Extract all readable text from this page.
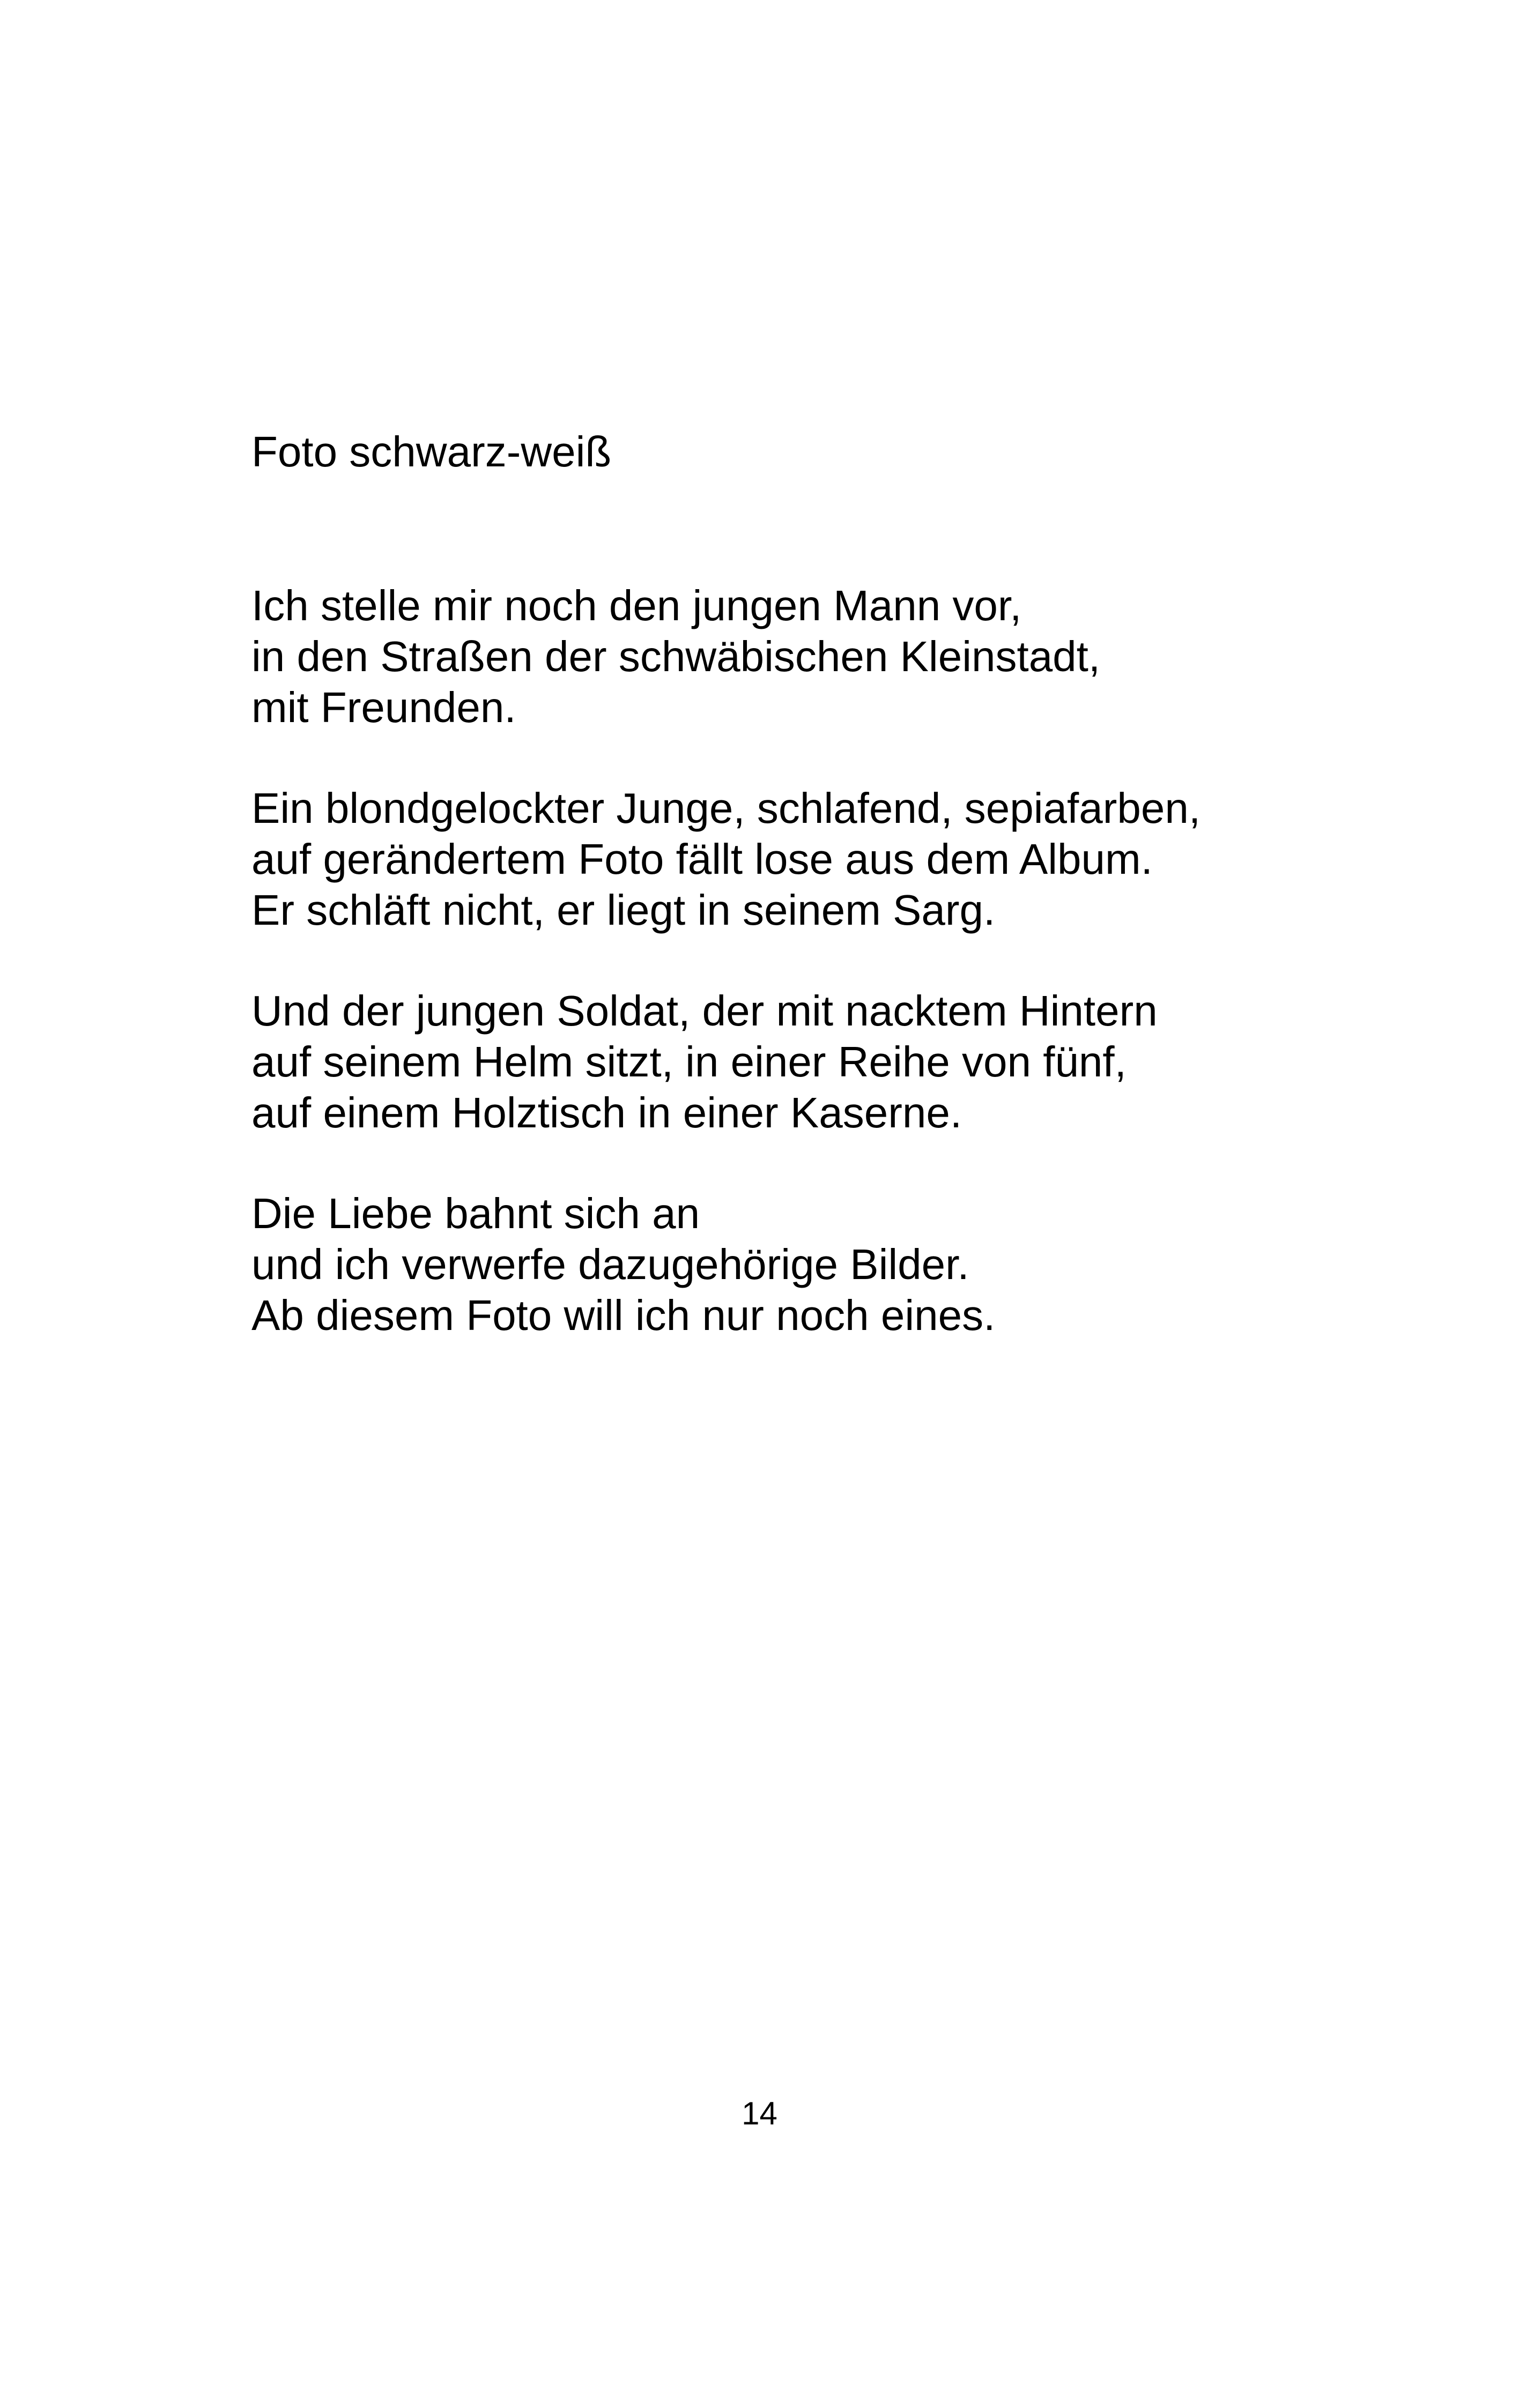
Foto schwarz-weiß
Ich stelle mir noch den jungen Mann vor,
in den Straßen der schwäbischen Kleinstadt,
mit Freunden.
Ein blondgelockter Junge, schlafend, sepiafarben,
auf gerändertem Foto fällt lose aus dem Album.
Er schläft nicht, er liegt in seinem Sarg.
Und der jungen Soldat, der mit nacktem Hintern
auf seinem Helm sitzt, in einer Reihe von fünf,
auf einem Holztisch in einer Kaserne.
Die Liebe bahnt sich an
und ich verwerfe dazugehörige Bilder.
Ab diesem Foto will ich nur noch eines.
14
